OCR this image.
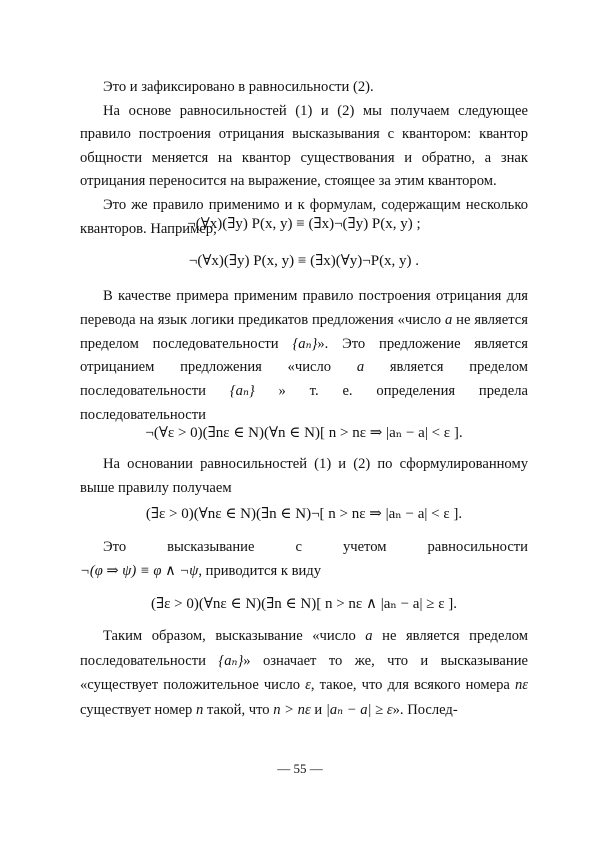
Это и зафиксировано в равносильности (2).

На основе равносильностей (1) и (2) мы получаем следующее правило построения отрицания высказывания с квантором: квантор общности меняется на квантор существования и обратно, а знак отрицания переносится на выражение, стоящее за этим квантором.

Это же правило применимо и к формулам, содержащим несколько кванторов. Например,

¬(∀x)(∃y) P(x, y) ≡ (∃x)¬(∃y) P(x, y) ;
¬(∀x)(∃y) P(x, y) ≡ (∃x)(∀y)¬P(x, y) .

В качестве примера применим правило построения отрицания для перевода на язык логики предикатов предложения «число a не является пределом последовательности {aₙ}». Это предложение является отрицанием предложения «число a является пределом последовательности {aₙ} » т. е. определения предела последовательности

¬(∀ε > 0)(∃nε ∈ N)(∀n ∈ N)[ n > nε ⇒ |aₙ − a| < ε ].

На основании равносильностей (1) и (2) по сформулированному выше правилу получаем

(∃ε > 0)(∀nε ∈ N)(∃n ∈ N)¬[ n > nε ⇒ |aₙ − a| < ε ].
Это	высказывание	с	учетом	равносильности
¬(φ ⇒ ψ) ≡ φ ∧ ¬ψ, приводится к виду
(∃ε > 0)(∀nε ∈ N)(∃n ∈ N)[ n > nε ∧ |aₙ − a| ≥ ε ].

Таким образом, высказывание «число a не является пределом последовательности {aₙ}» означает то же, что и высказывание «существует положительное число ε, такое, что для всякого номера nε существует номер n такой, что n > nε и |aₙ − a| ≥ ε». Послед-

— 55 —
